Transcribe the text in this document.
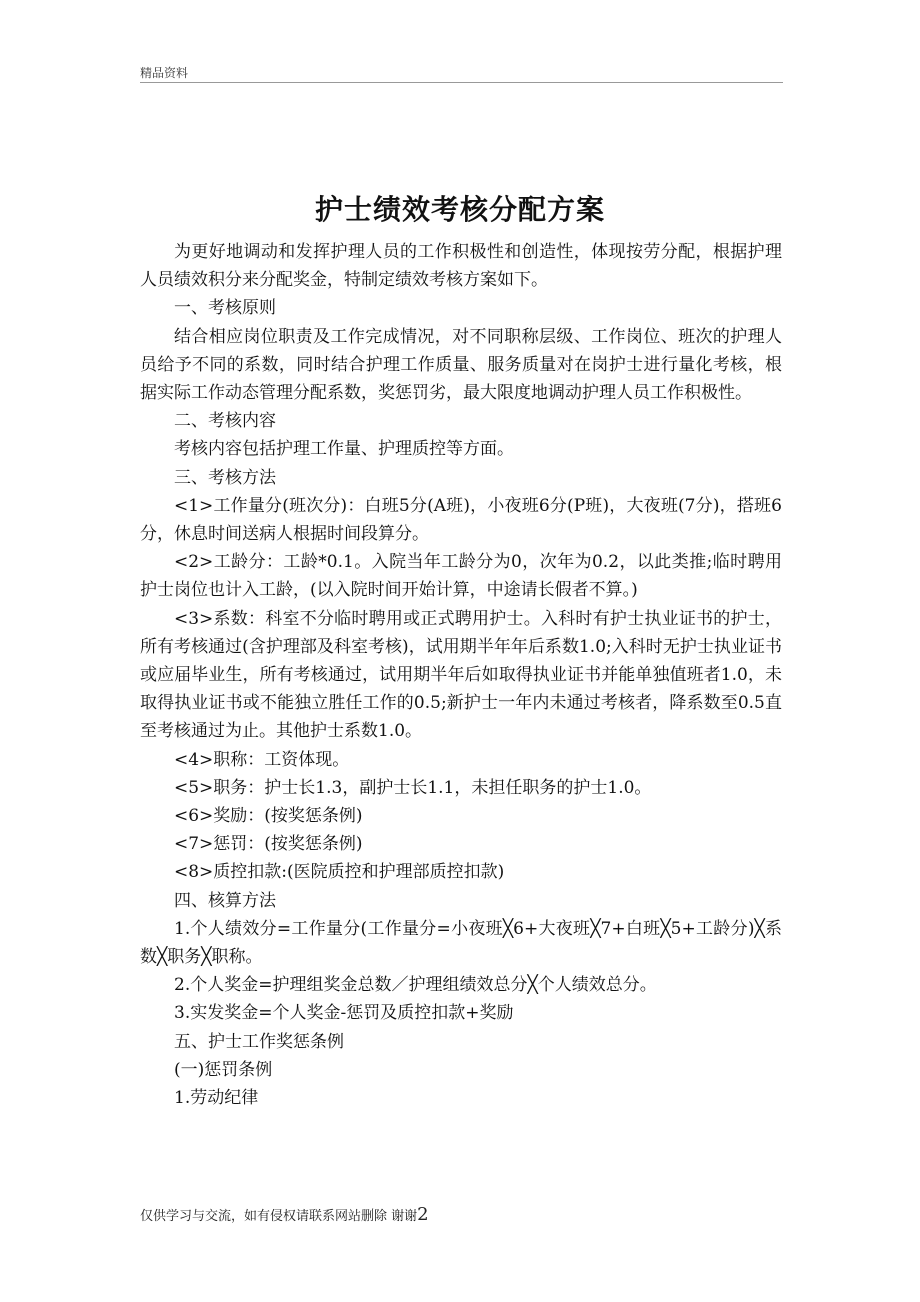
精品资料
护士绩效考核分配方案

为更好地调动和发挥护理人员的工作积极性和创造性，体现按劳分配，根据护理人员绩效积分来分配奖金，特制定绩效考核方案如下。

一、考核原则

结合相应岗位职责及工作完成情况，对不同职称层级、工作岗位、班次的护理人员给予不同的系数，同时结合护理工作质量、服务质量对在岗护士进行量化考核，根据实际工作动态管理分配系数，奖惩罚劣，最大限度地调动护理人员工作积极性。

二、考核内容

考核内容包括护理工作量、护理质控等方面。

三、考核方法

<1>工作量分(班次分)：白班5分(A班)，小夜班6分(P班)，大夜班(7分)，搭班6分，休息时间送病人根据时间段算分。

<2>工龄分：工龄*0.1。入院当年工龄分为0，次年为0.2，以此类推;临时聘用护士岗位也计入工龄，(以入院时间开始计算，中途请长假者不算。)

<3>系数：科室不分临时聘用或正式聘用护士。入科时有护士执业证书的护士，所有考核通过(含护理部及科室考核)，试用期半年年后系数1.0;入科时无护士执业证书或应届毕业生，所有考核通过，试用期半年后如取得执业证书并能单独值班者1.0，未取得执业证书或不能独立胜任工作的0.5;新护士一年内未通过考核者，降系数至0.5直至考核通过为止。其他护士系数1.0。

<4>职称：工资体现。

<5>职务：护士长1.3，副护士长1.1，未担任职务的护士1.0。

<6>奖励：(按奖惩条例)

<7>惩罚：(按奖惩条例)

<8>质控扣款:(医院质控和护理部质控扣款)

四、核算方法

1.个人绩效分=工作量分(工作量分=小夜班╳6+大夜班╳7+白班╳5+工龄分)╳系数╳职务╳职称。

2.个人奖金=护理组奖金总数／护理组绩效总分╳个人绩效总分。

3.实发奖金=个人奖金-惩罚及质控扣款+奖励

五、护士工作奖惩条例

(一)惩罚条例

1.劳动纪律

仅供学习与交流，如有侵权请联系网站删除 谢谢2
